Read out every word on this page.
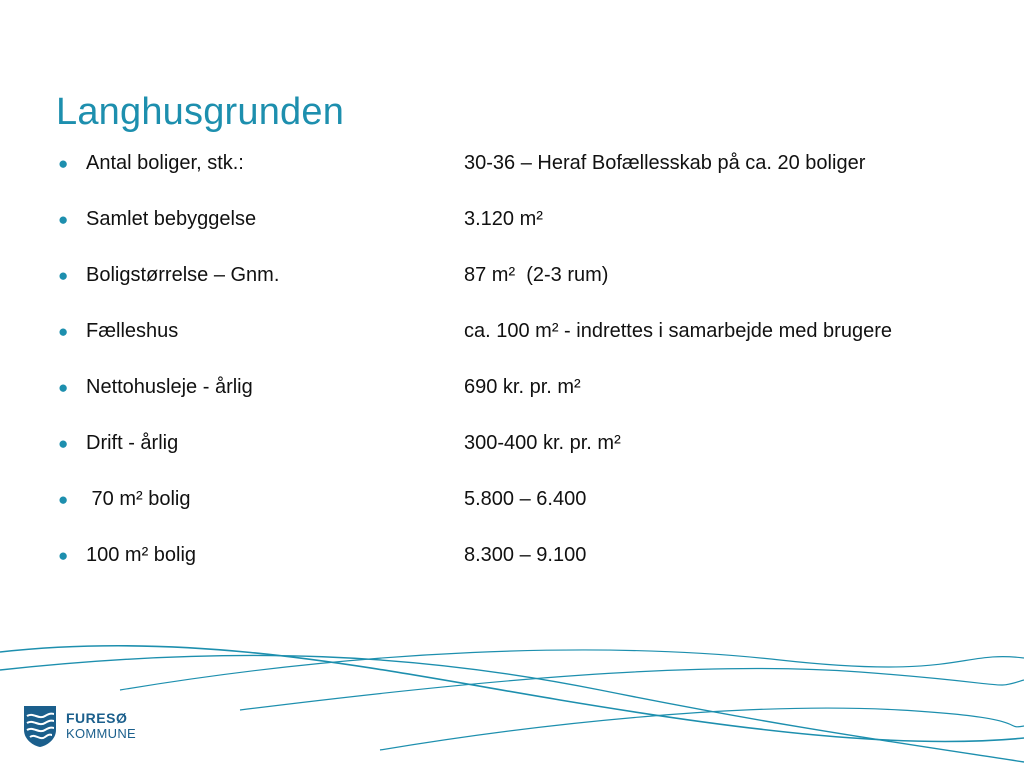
Langhusgrunden
● Antal boliger, stk.:	30-36 – Heraf Bofællesskab på ca. 20 boliger
● Samlet bebyggelse	3.120 m²
● Boligstørrelse – Gnm.	87 m²  (2-3 rum)
● Fælleshus	ca. 100 m² - indrettes i samarbejde med brugere
● Nettohusleje - årlig	690 kr. pr. m²
● Drift - årlig	300-400 kr. pr. m²
● 70 m² bolig	5.800 – 6.400
● 100 m² bolig	8.300 – 9.100
FURESØ
KOMMUNE
